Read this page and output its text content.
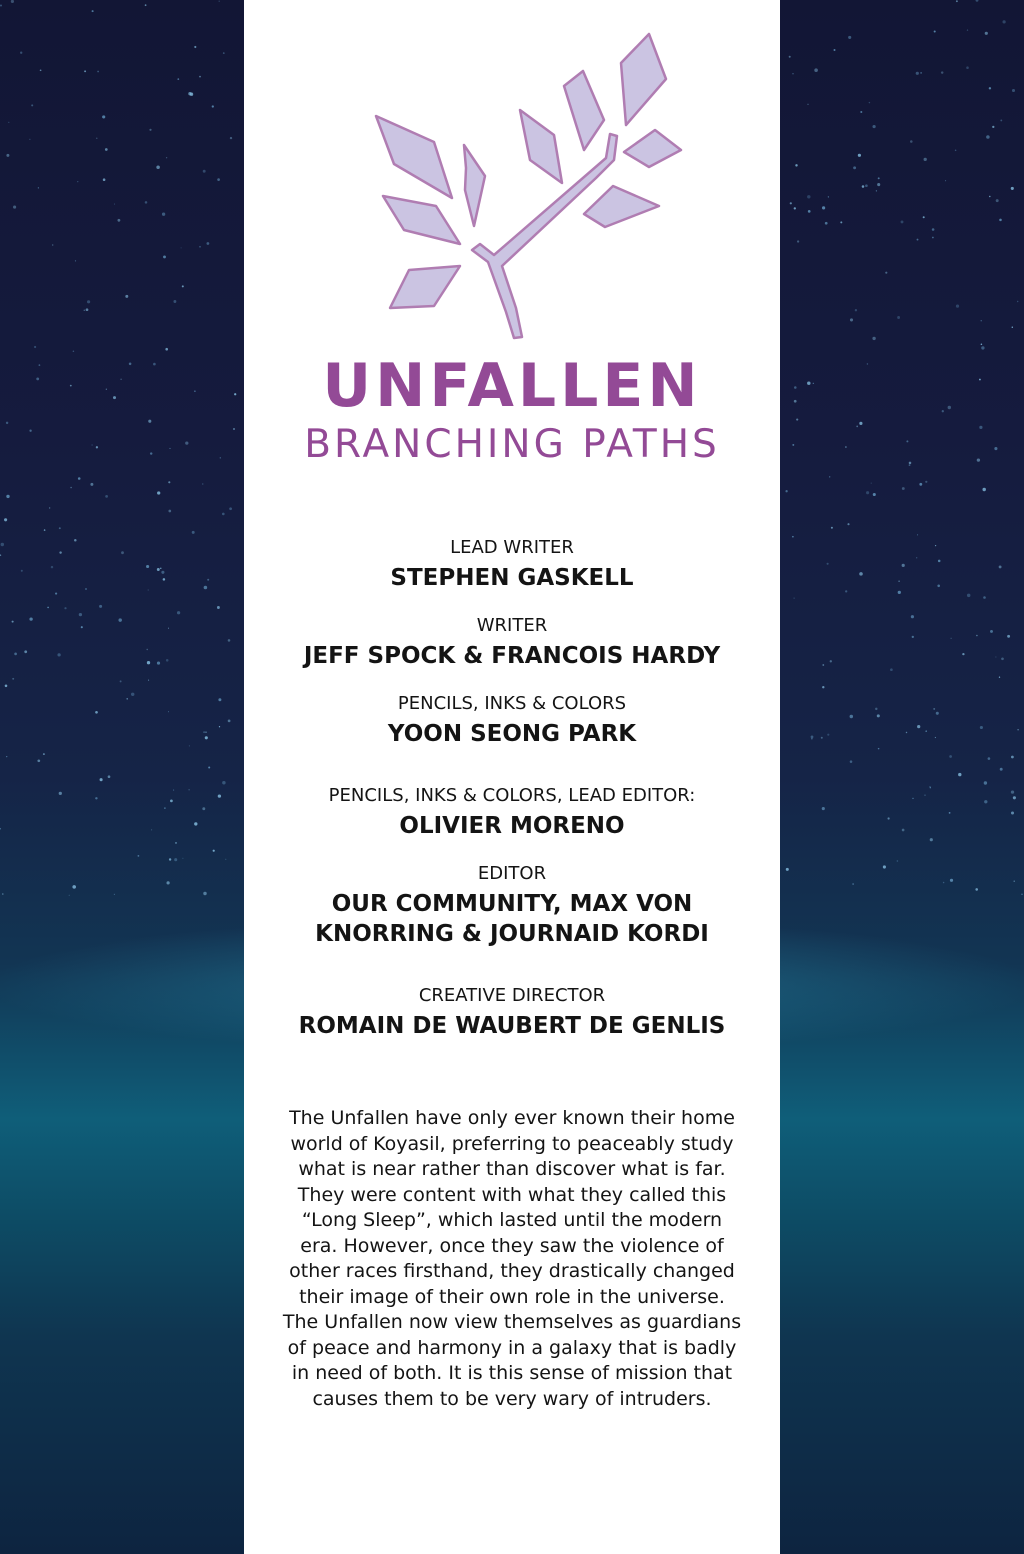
UNFALLEN
BRANCHING PATHS
LEAD WRITER
STEPHEN GASKELL
WRITER
JEFF SPOCK & FRANCOIS HARDY
PENCILS, INKS & COLORS
YOON SEONG PARK
PENCILS, INKS & COLORS, LEAD EDITOR:
OLIVIER MORENO
EDITOR
OUR COMMUNITY, MAX VON
KNORRING & JOURNAID KORDI
CREATIVE DIRECTOR
ROMAIN DE WAUBERT DE GENLIS
The Unfallen have only ever known their home
world of Koyasil, preferring to peaceably study
what is near rather than discover what is far.
They were content with what they called this
“Long Sleep”, which lasted until the modern
era. However, once they saw the violence of
other races firsthand, they drastically changed
their image of their own role in the universe.
The Unfallen now view themselves as guardians
of peace and harmony in a galaxy that is badly
in need of both. It is this sense of mission that
causes them to be very wary of intruders.
